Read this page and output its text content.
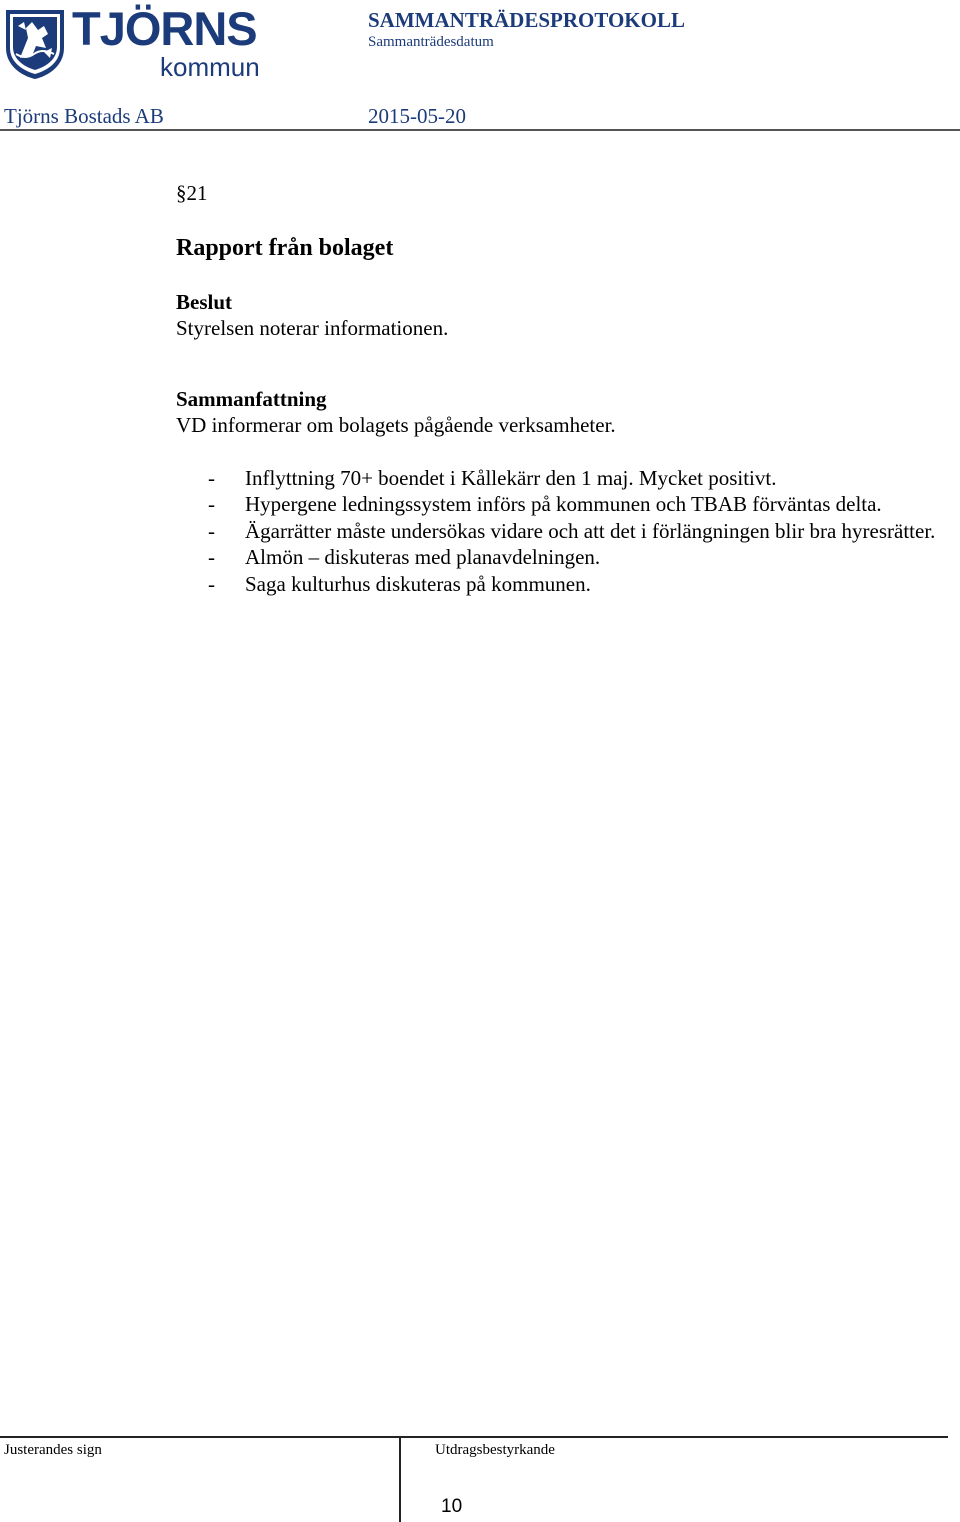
TJÖRNS
kommun
SAMMANTRÄDESPROTOKOLL
Sammanträdesdatum
Tjörns Bostads AB	2015-05-20
§21
Rapport från bolaget
Beslut
Styrelsen noterar informationen.
Sammanfattning
VD informerar om bolagets pågående verksamheter.
- Inflyttning 70+ boendet i Kållekärr den 1 maj. Mycket positivt.
- Hypergene ledningssystem införs på kommunen och TBAB förväntas delta.
- Ägarrätter måste undersökas vidare och att det i förlängningen blir bra hyresrätter.
- Almön – diskuteras med planavdelningen.
- Saga kulturhus diskuteras på kommunen.
Justerandes sign	Utdragsbestyrkande
10
